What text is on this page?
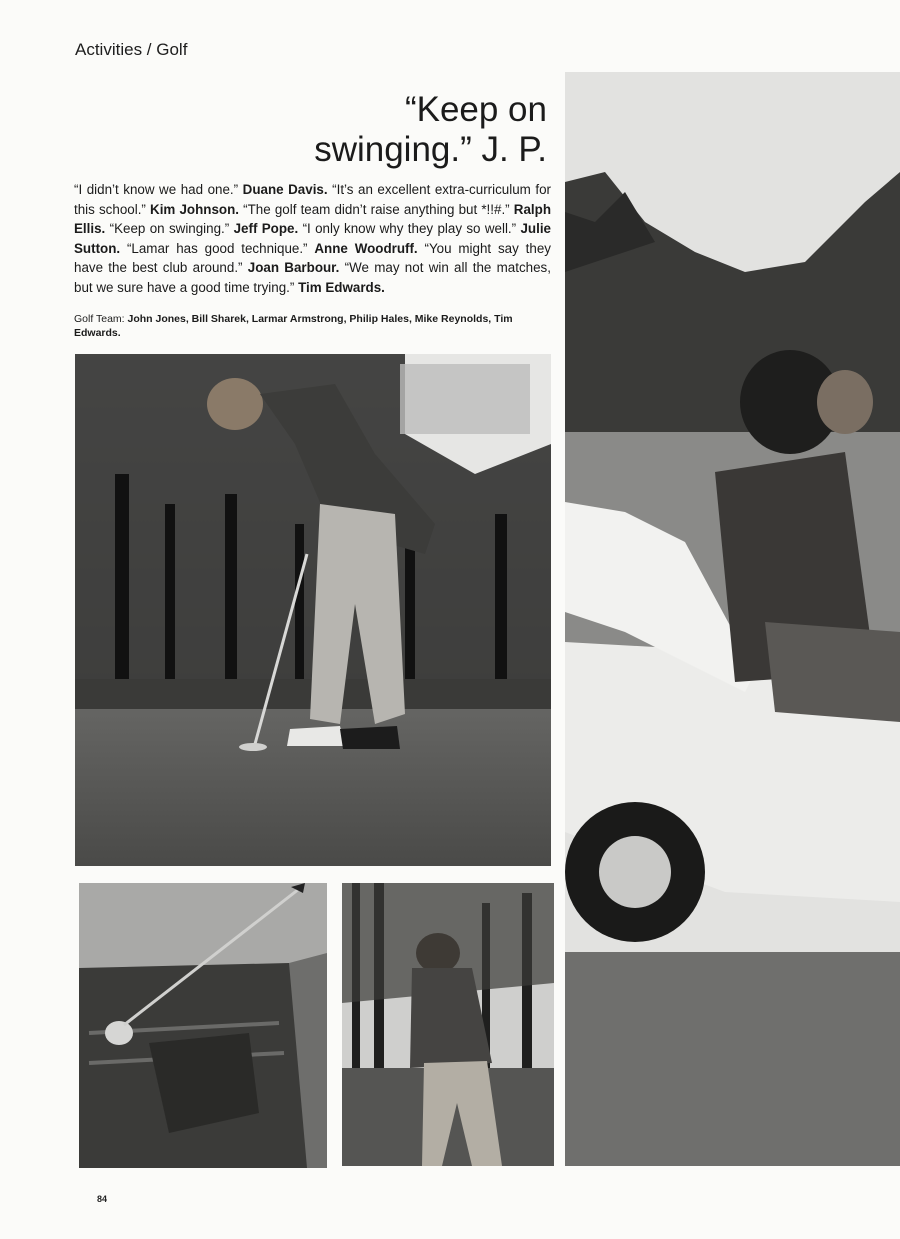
Activities / Golf
“Keep on
swinging.” J. P.
“I didn’t know we had one.” Duane Davis. “It’s an excellent extra-curriculum for this school.” Kim Johnson. “The golf team didn’t raise anything but *!!#.” Ralph Ellis. “Keep on swinging.” Jeff Pope. “I only know why they play so well.” Julie Sutton. “Lamar has good technique.” Anne Woodruff. “You might say they have the best club around.” Joan Barbour. “We may not win all the matches, but we sure have a good time trying.” Tim Edwards.
Golf Team: John Jones, Bill Sharek, Larmar Armstrong, Philip Hales, Mike Reynolds, Tim Edwards.
84
